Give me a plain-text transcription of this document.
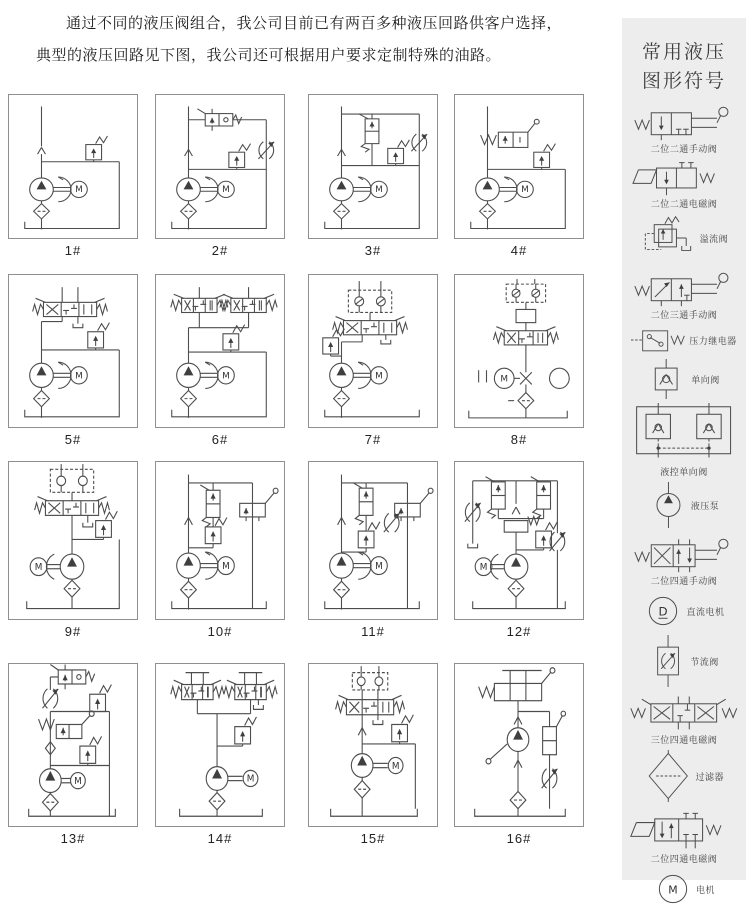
通过不同的液压阀组合，我公司目前已有两百多种液压回路供客户选择，
典型的液压回路见下图，我公司还可根据用户要求定制特殊的油路。
M
1#
M
2#
M
3#
M
4#
M
5#
M
6#
M
7#
M
8#
M
9#
M
10#
M
11#
M
12#
M
13#
M
14#
M
15#	16#
常用液压
图形符号
二位二通手动阀
二位二通电磁阀
溢流阀
二位三通手动阀
压力继电器
单向阀
液控单向阀
液压泵
二位四通手动阀
D 直流电机
节流阀
三位四通电磁阀
过滤器
二位四通电磁阀
M 电机
